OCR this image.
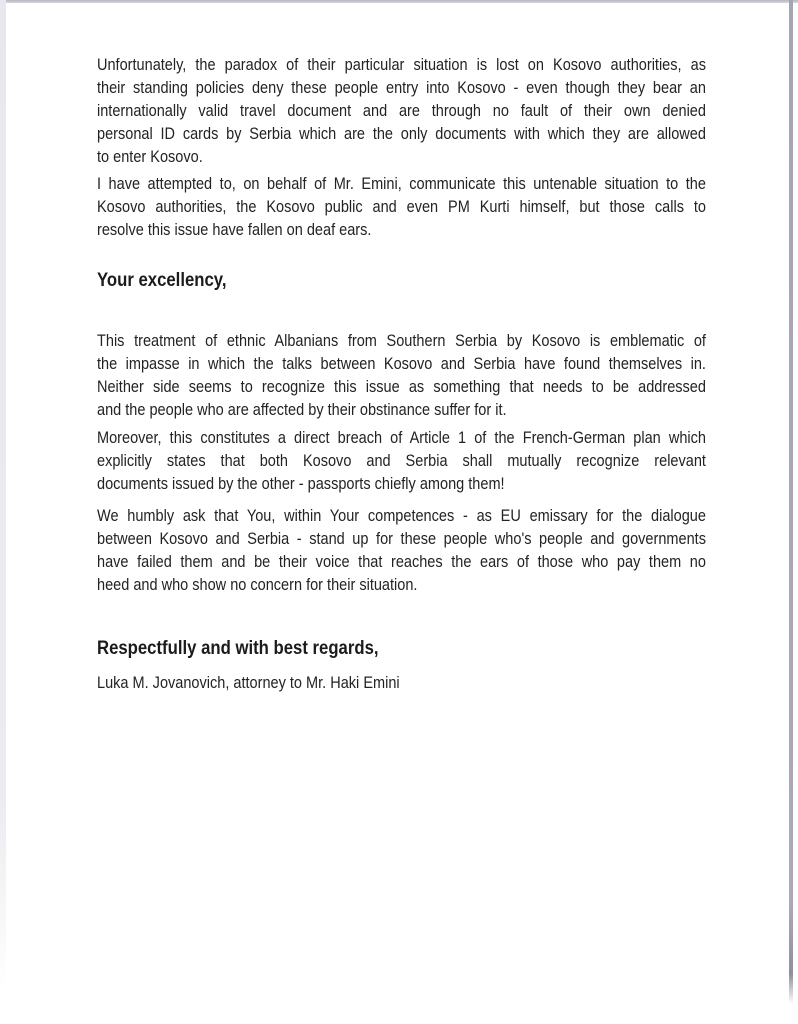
Unfortunately, the paradox of their particular situation is lost on Kosovo authorities, as
their standing policies deny these people entry into Kosovo - even though they bear an
internationally valid travel document and are through no fault of their own denied
personal ID cards by Serbia which are the only documents with which they are allowed
to enter Kosovo.
I have attempted to, on behalf of Mr. Emini, communicate this untenable situation to the
Kosovo authorities, the Kosovo public and even PM Kurti himself, but those calls to
resolve this issue have fallen on deaf ears.
Your excellency,
This treatment of ethnic Albanians from Southern Serbia by Kosovo is emblematic of
the impasse in which the talks between Kosovo and Serbia have found themselves in.
Neither side seems to recognize this issue as something that needs to be addressed
and the people who are affected by their obstinance suffer for it.
Moreover, this constitutes a direct breach of Article 1 of the French-German plan which
explicitly states that both Kosovo and Serbia shall mutually recognize relevant
documents issued by the other - passports chiefly among them!
We humbly ask that You, within Your competences - as EU emissary for the dialogue
between Kosovo and Serbia - stand up for these people who's people and governments
have failed them and be their voice that reaches the ears of those who pay them no
heed and who show no concern for their situation.
Respectfully and with best regards,
Luka M. Jovanovich, attorney to Mr. Haki Emini
